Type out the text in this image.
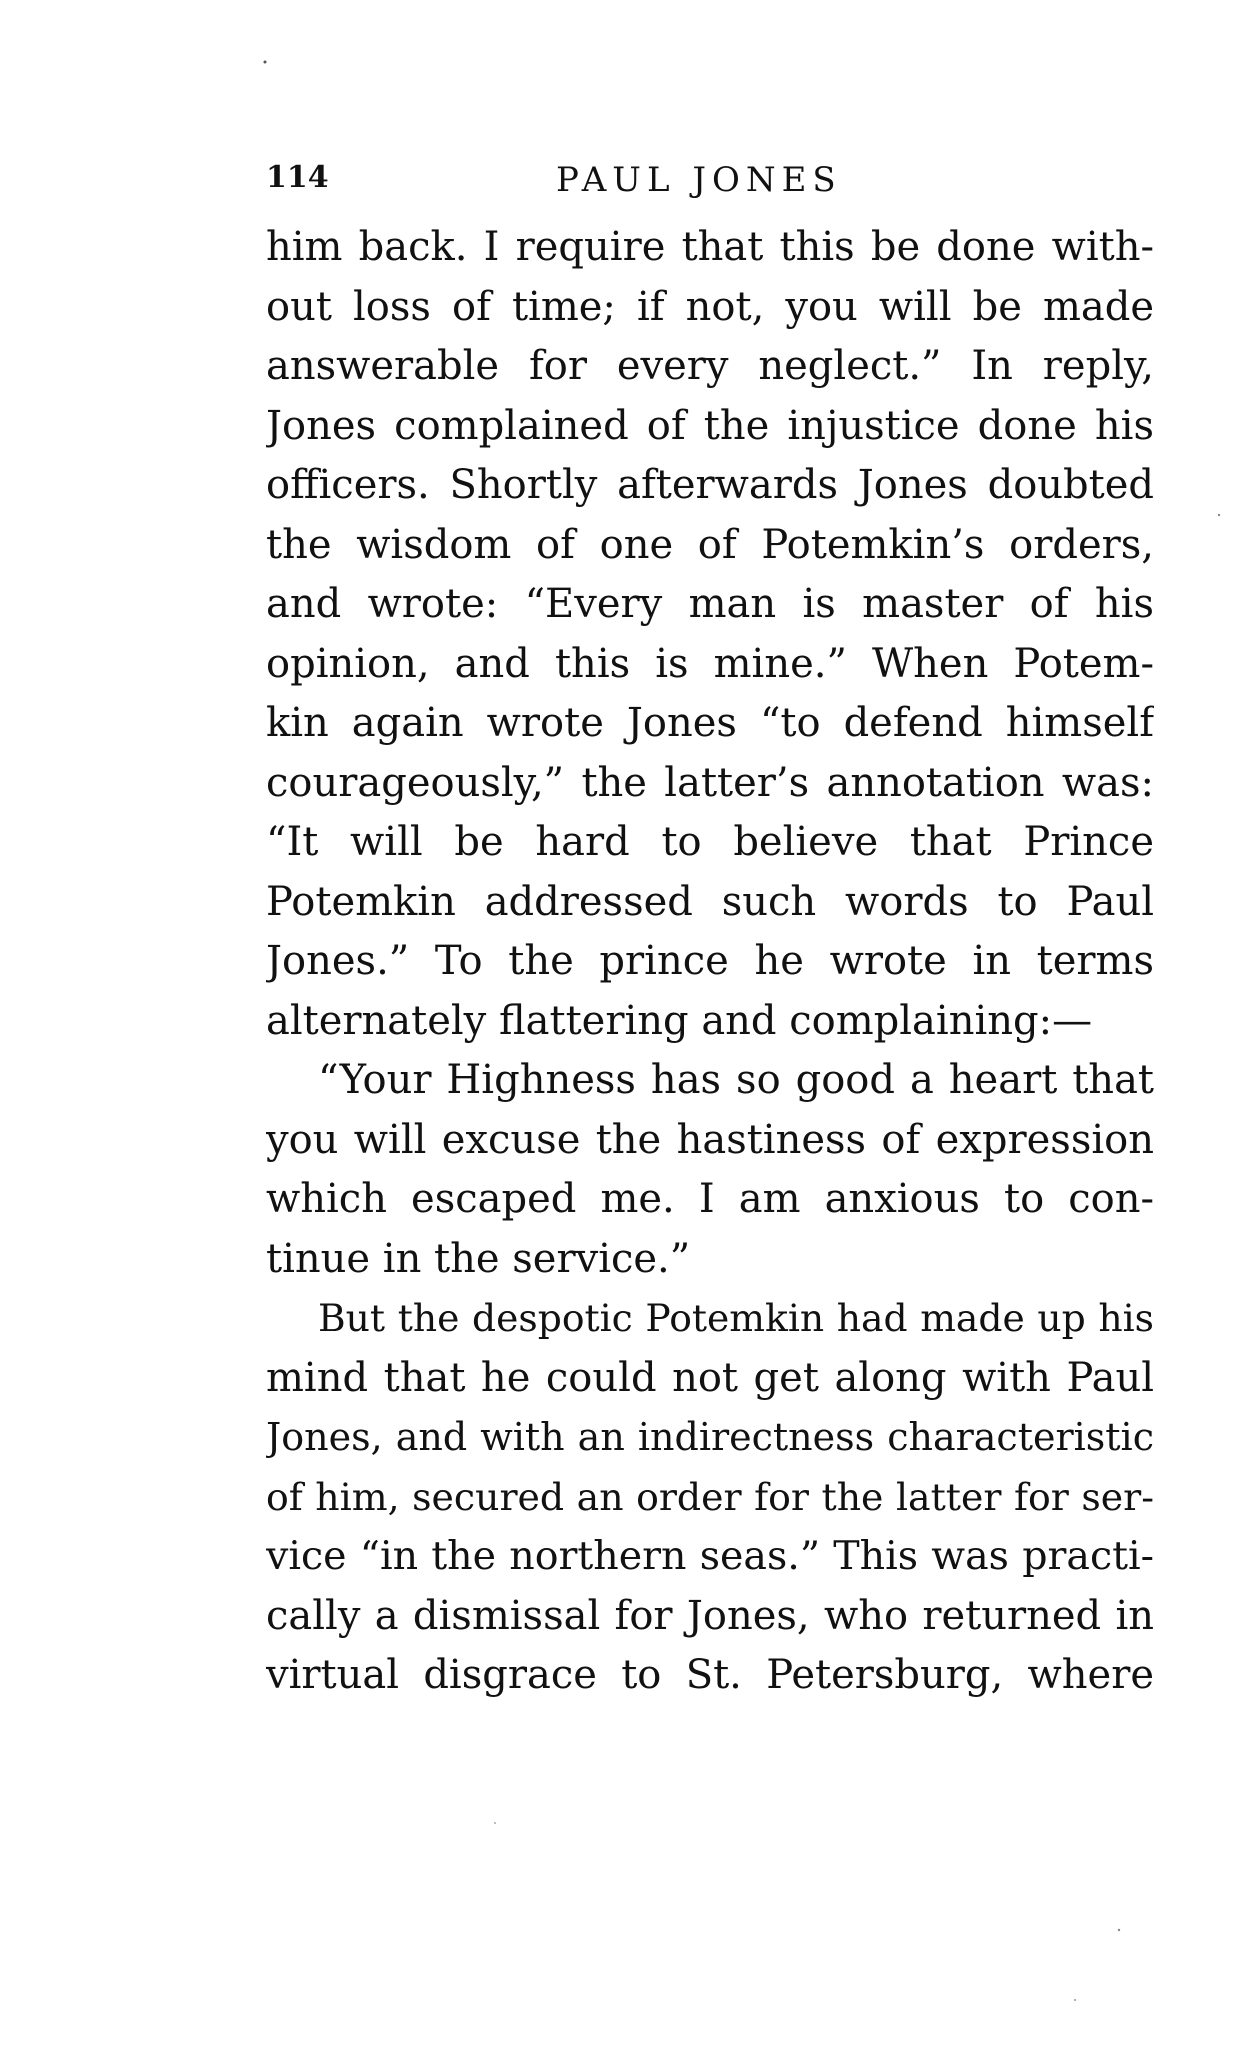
114	PAUL JONES
him back. I require that this be done with-
out loss of time; if not, you will be made
answerable for every neglect.” In reply,
Jones complained of the injustice done his
officers. Shortly afterwards Jones doubted
the wisdom of one of Potemkin’s orders,
and wrote: “Every man is master of his
opinion, and this is mine.” When Potem-
kin again wrote Jones “to defend himself
courageously,” the latter’s annotation was:
“It will be hard to believe that Prince
Potemkin addressed such words to Paul
Jones.” To the prince he wrote in terms
alternately flattering and complaining:—
“Your Highness has so good a heart that
you will excuse the hastiness of expression
which escaped me. I am anxious to con-
tinue in the service.”
But the despotic Potemkin had made up his
mind that he could not get along with Paul
Jones, and with an indirectness characteristic
of him, secured an order for the latter for ser-
vice “in the northern seas.” This was practi-
cally a dismissal for Jones, who returned in
virtual disgrace to St. Petersburg, where
